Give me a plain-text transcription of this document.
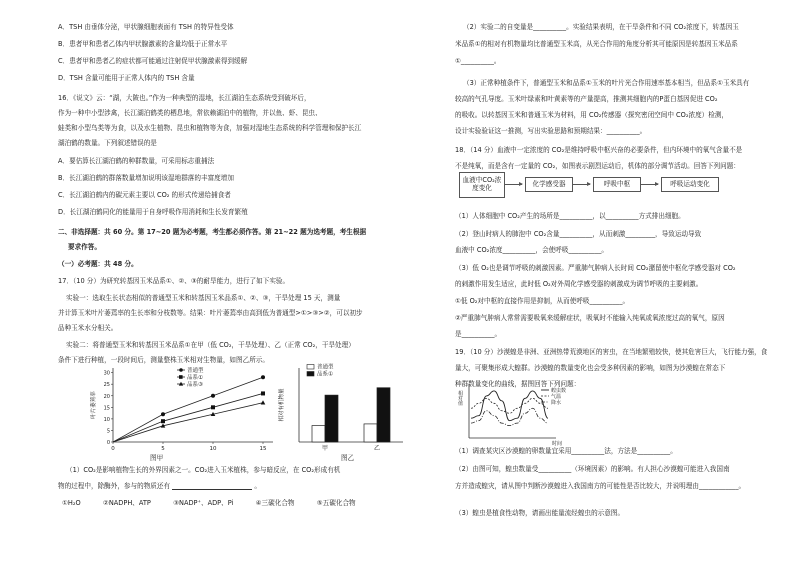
A．TSH 由垂体分泌，甲状腺细胞表面有 TSH 的特异性受体
B．患者甲和患者乙体内甲状腺激素的含量均低于正常水平
C．患者甲和患者乙的症状都可能通过注射促甲状腺激素得到缓解
D．TSH 含量可能用于正常人体内的 TSH 含量
16．《说文》云：“湖，大陂也。”作为一种典型的湿地，长江湖泊生态系统受到破坏后，
作为一种中小型涉禽，长江湖泊鹤类的栖息地，常依赖湖泊中的植物，并以鱼、虾、昆虫、
蛙类和小型鸟类等为食，以及水生植物、昆虫和植物等为食，加强对湿地生态系统的科学管理和保护长江
湖泊鹤的数量。下列叙述错误的是
A．要估算长江湖泊鹤的种群数量，可采用标志重捕法
B．长江湖泊鹤的群落数量增加说明该湿地群落的丰富度增加
C．长江湖泊鹤内的碳元素主要以 CO₂ 的形式传递给捕食者
D．长江湖泊鹤同化的能量用于自身呼吸作用消耗和生长发育繁殖
二、非选择题：共 60 分。第 17~20 题为必考题，考生都必须作答。第 21~22 题为选考题，考生根据
要求作答。
（一）必考题：共 48 分。
17．（10 分）为研究转基因玉米品系①、②、③的耐旱能力，进行了如下实验。
实验一：选取生长状态相似的普通型玉米和转基因玉米品系①、②、③，干旱处理 15 天，测量
并计算玉米叶片萎蔫率的生长率和分枝数等。结果：叶片萎蔫率由高到低为普通型>①>③>②，可以初步
品种玉米水分相关。
实验二：将普通型玉米和转基因玉米品系①在甲（低 CO₂，干旱处理）、乙（正常 CO₂，干旱处理）
条件下进行种植，一段时间后，测量整株玉米相对生物量，如图乙所示。
0	5	10	15
0
5
10
15
20
25
30
叶片萎蔫率
普通型
品系①
品系③
图甲
相对有机物量
甲	乙
普通型
品系①
图乙
（1）CO₂是影响植物生长的外界因素之一。CO₂进入玉米植株，参与暗反应，在 CO₂形成有机
物的过程中，除酶外，参与的物质还有	。
①H₂O	②NADPH、ATP	③NADP⁺、ADP、Pi	④三碳化合物	⑤五碳化合物
（2）实验二的自变量是__________。实验结果表明，在干旱条件和不同 CO₂浓度下，转基因玉
米品系①的相对有机物量均比普通型玉米高，从光合作用的角度分析其可能原因是转基因玉米品系
①__________。
（3）正常种植条件下，普通型玉米和品系①玉米的叶片光合作用速率基本相当，但品系①玉米具有
较高的气孔导度。玉米叶绿素和叶黄素等的产量提高，推测其细胞内的P蛋白基因促进 CO₂
的吸收。以转基因玉米和普通玉米为材料，用 CO₂传感器（探究密闭空间中 CO₂浓度）检测，
设计实验验证这一推测，写出实验思路和预期结果：__________。
18．（14 分）血液中一定浓度的 CO₂是维持呼吸中枢兴奋的必要条件，但内环境中的氧气含量不是
不是纯氧，而是含有一定量的 CO₂，如图表示剧烈运动后，机体的部分调节活动。回答下列问题：
血液中CO₂浓度变化
化学感受器	呼吸中枢	呼吸运动变化
（1）人体细胞中 CO₂产生的场所是__________，以__________方式排出细胞。
（2）登山时病人的肺泡中 CO₂含量__________，从而刺激_________，导致运动导致
血液中 CO₂浓度__________，会使呼吸__________。
（3）低 O₂也是调节呼吸的刺激因素。严重肺气肿病人长时间 CO₂潴留使中枢化学感受器对 CO₂
的刺激作用发生适应，此时低 O₂对外周化学感受器的刺激成为调节呼吸的主要刺激。
①低 O₂对中枢的直接作用是抑制，从而使呼吸__________。
②严重肺气肿病人常常需要吸氧来缓解症状，吸氧时不能输入纯氧或氧浓度过高的氧气，原因
是__________。
19．（10 分）沙漠蝗是非洲、亚洲热带荒漠地区的害虫，在当地繁殖较快，使其危害巨大，飞行能力强，食
量大，可聚集形成大蝗群。沙漠蝗的数量变化也会受多种因素的影响，如图为沙漠蝗在常态下
种群数量变化的曲线，据图回答下列问题：
相对值
时间
蝗虫数
气温
降水
（1）调查某灾区沙漠蝗的卵数量宜采用__________法，方法是__________。
（2）由图可知，蝗虫数量受__________（环境因素）的影响。有人担心沙漠蝗可能进入我国南
方并造成蝗灾，请从图中判断沙漠蝗进入我国南方的可能性是否比较大，并说明理由____________。
（3）蝗虫是植食性动物，请画出能量流经蝗虫的示意图。
